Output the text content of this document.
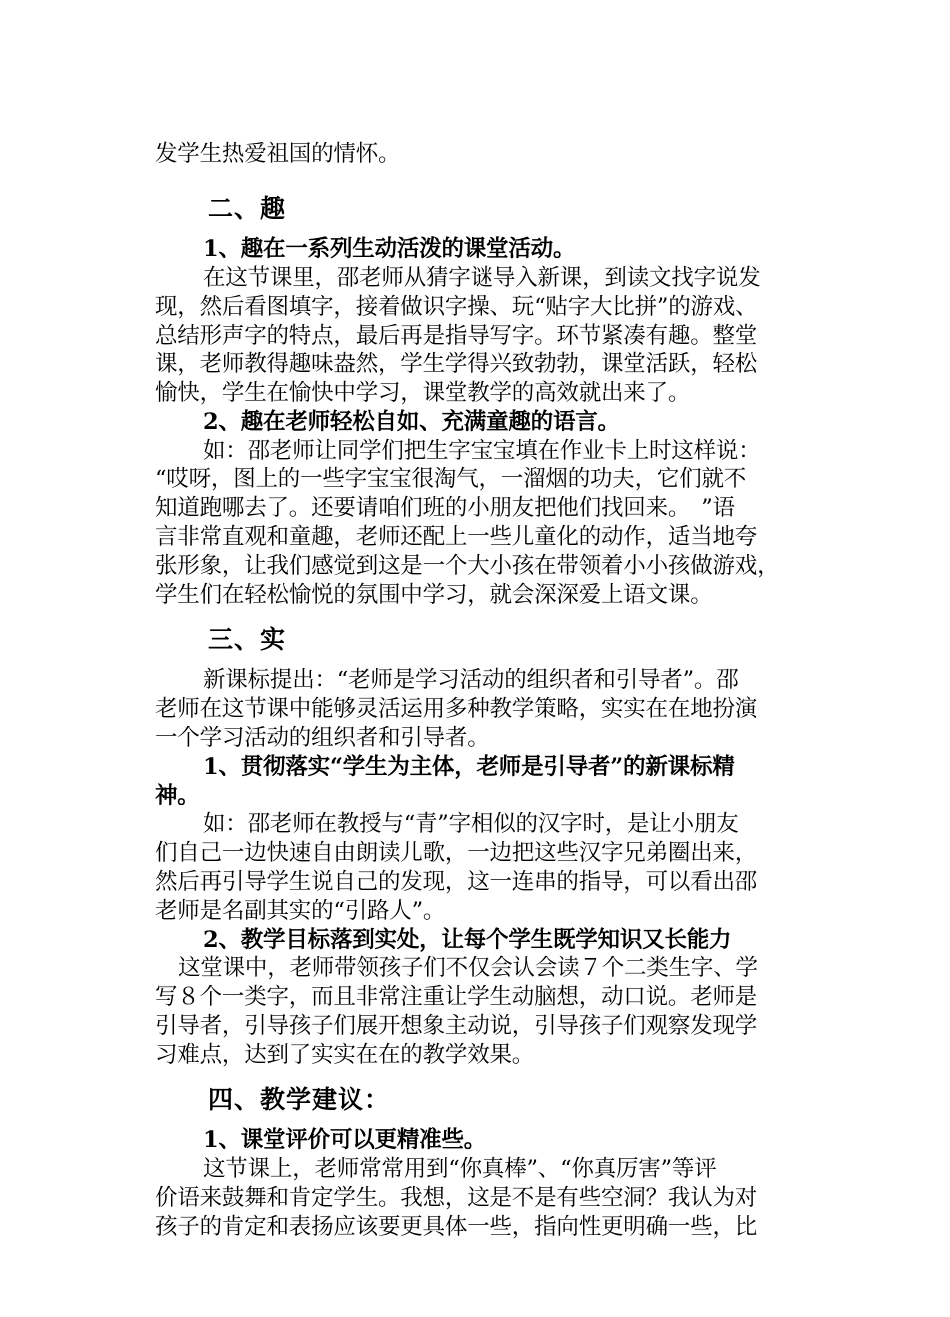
发学生热爱祖国的情怀。
二、趣
1、趣在一系列生动活泼的课堂活动。
在这节课里，邵老师从猜字谜导入新课，到读文找字说发
现，然后看图填字，接着做识字操、玩“贴字大比拼”的游戏、
总结形声字的特点，最后再是指导写字。环节紧凑有趣。整堂
课，老师教得趣味盎然，学生学得兴致勃勃，课堂活跃，轻松
愉快，学生在愉快中学习，课堂教学的高效就出来了。
2、趣在老师轻松自如、充满童趣的语言。
如：邵老师让同学们把生字宝宝填在作业卡上时这样说：
“哎呀，图上的一些字宝宝很淘气，一溜烟的功夫，它们就不
知道跑哪去了。还要请咱们班的小朋友把他们找回来。　”语
言非常直观和童趣，老师还配上一些儿童化的动作，适当地夸
张形象，让我们感觉到这是一个大小孩在带领着小小孩做游戏，
学生们在轻松愉悦的氛围中学习，就会深深爱上语文课。
三、实
新课标提出：“老师是学习活动的组织者和引导者”。邵
老师在这节课中能够灵活运用多种教学策略，实实在在地扮演
一个学习活动的组织者和引导者。
1、贯彻落实“学生为主体，老师是引导者”的新课标精
神。
如：邵老师在教授与“青”字相似的汉字时，是让小朋友
们自己一边快速自由朗读儿歌，一边把这些汉字兄弟圈出来，
然后再引导学生说自己的发现，这一连串的指导，可以看出邵
老师是名副其实的“引路人”。
2、教学目标落到实处，让每个学生既学知识又长能力
这堂课中，老师带领孩子们不仅会认会读７个二类生字、学
写８个一类字，而且非常注重让学生动脑想，动口说。老师是
引导者，引导孩子们展开想象主动说，引导孩子们观察发现学
习难点，达到了实实在在的教学效果。
四、教学建议：
1、课堂评价可以更精准些。
这节课上，老师常常用到“你真棒”、“你真厉害”等评
价语来鼓舞和肯定学生。我想，这是不是有些空洞？我认为对
孩子的肯定和表扬应该要更具体一些，指向性更明确一些，比
